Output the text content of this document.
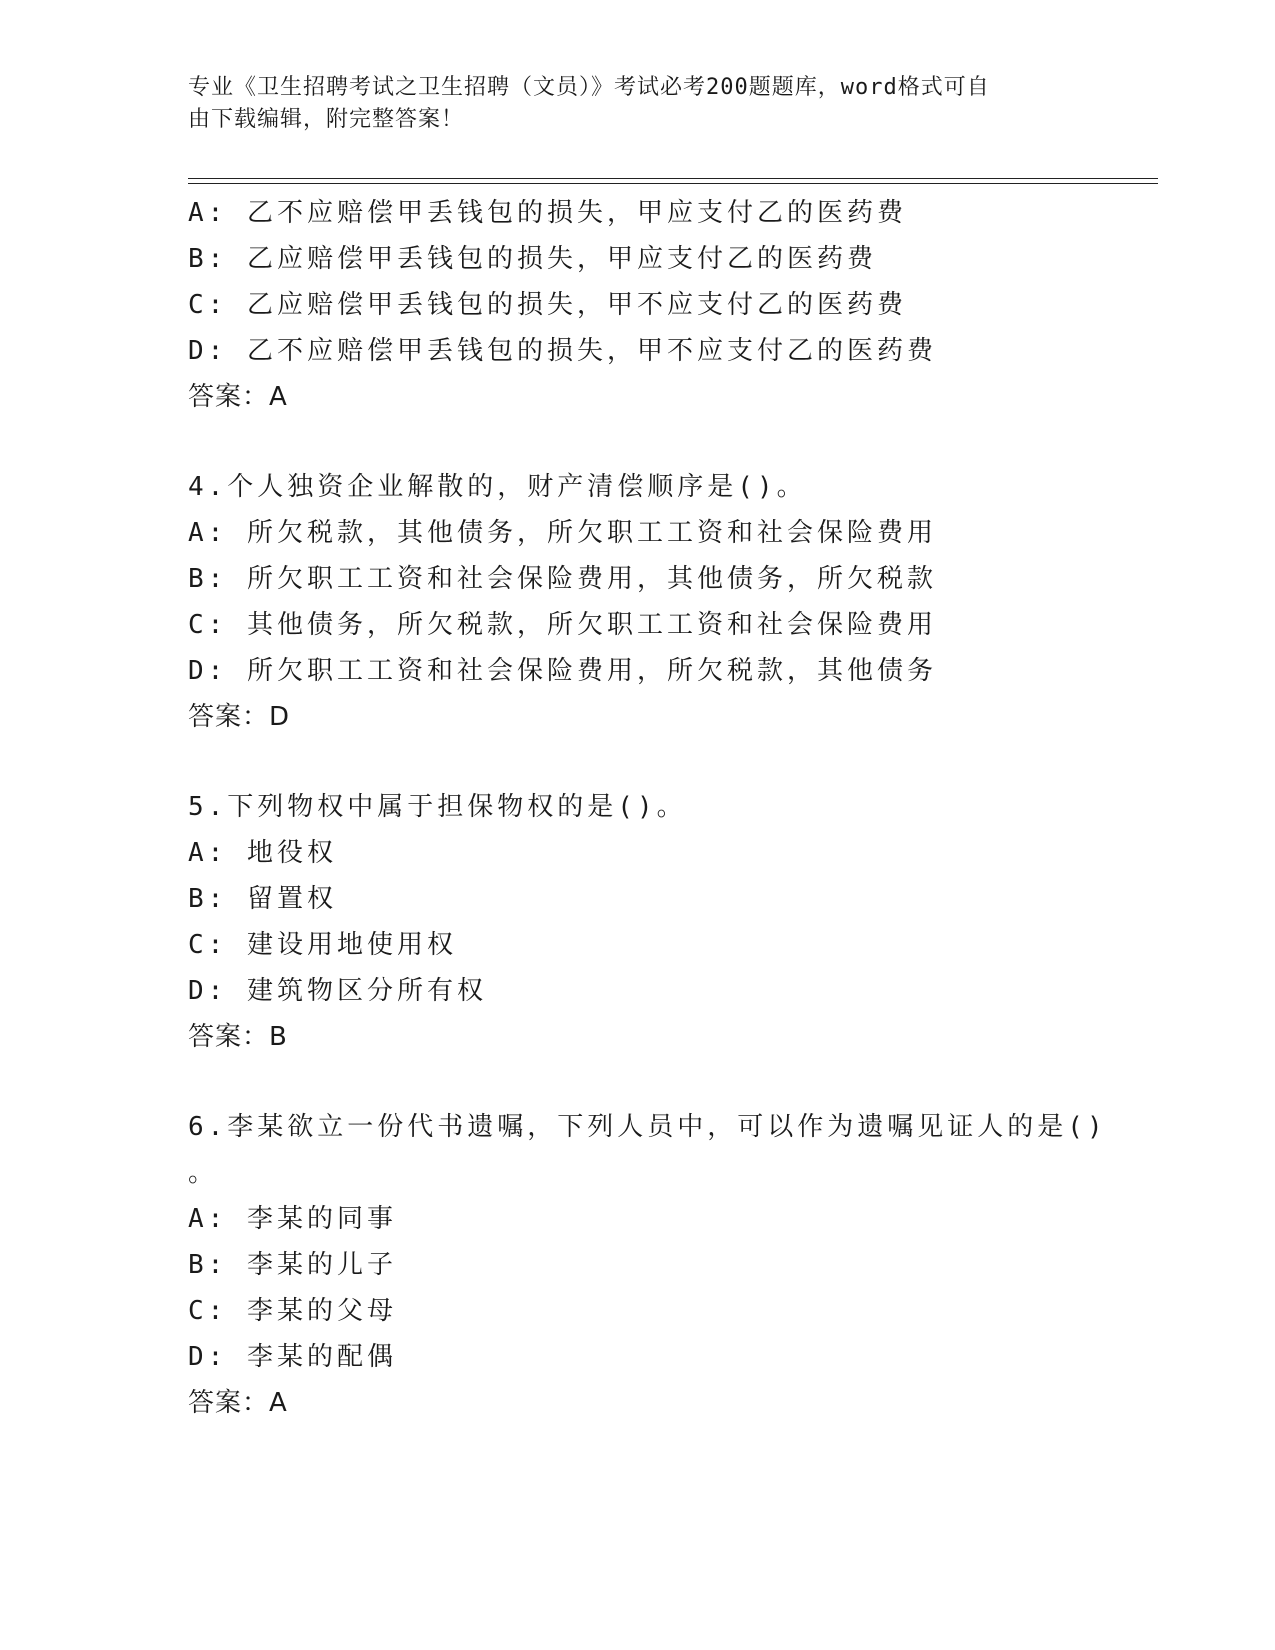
专业《卫生招聘考试之卫生招聘（文员）》考试必考200题题库，word格式可自
由下载编辑，附完整答案！
A: 乙不应赔偿甲丢钱包的损失，甲应支付乙的医药费
B: 乙应赔偿甲丢钱包的损失，甲应支付乙的医药费
C: 乙应赔偿甲丢钱包的损失，甲不应支付乙的医药费
D: 乙不应赔偿甲丢钱包的损失，甲不应支付乙的医药费
答案：A
4.个人独资企业解散的，财产清偿顺序是()。
A: 所欠税款，其他债务，所欠职工工资和社会保险费用
B: 所欠职工工资和社会保险费用，其他债务，所欠税款
C: 其他债务，所欠税款，所欠职工工资和社会保险费用
D: 所欠职工工资和社会保险费用，所欠税款，其他债务
答案：D
5.下列物权中属于担保物权的是()。
A: 地役权
B: 留置权
C: 建设用地使用权
D: 建筑物区分所有权
答案：B
6.李某欲立一份代书遗嘱，下列人员中，可以作为遗嘱见证人的是()
。
A: 李某的同事
B: 李某的儿子
C: 李某的父母
D: 李某的配偶
答案：A
